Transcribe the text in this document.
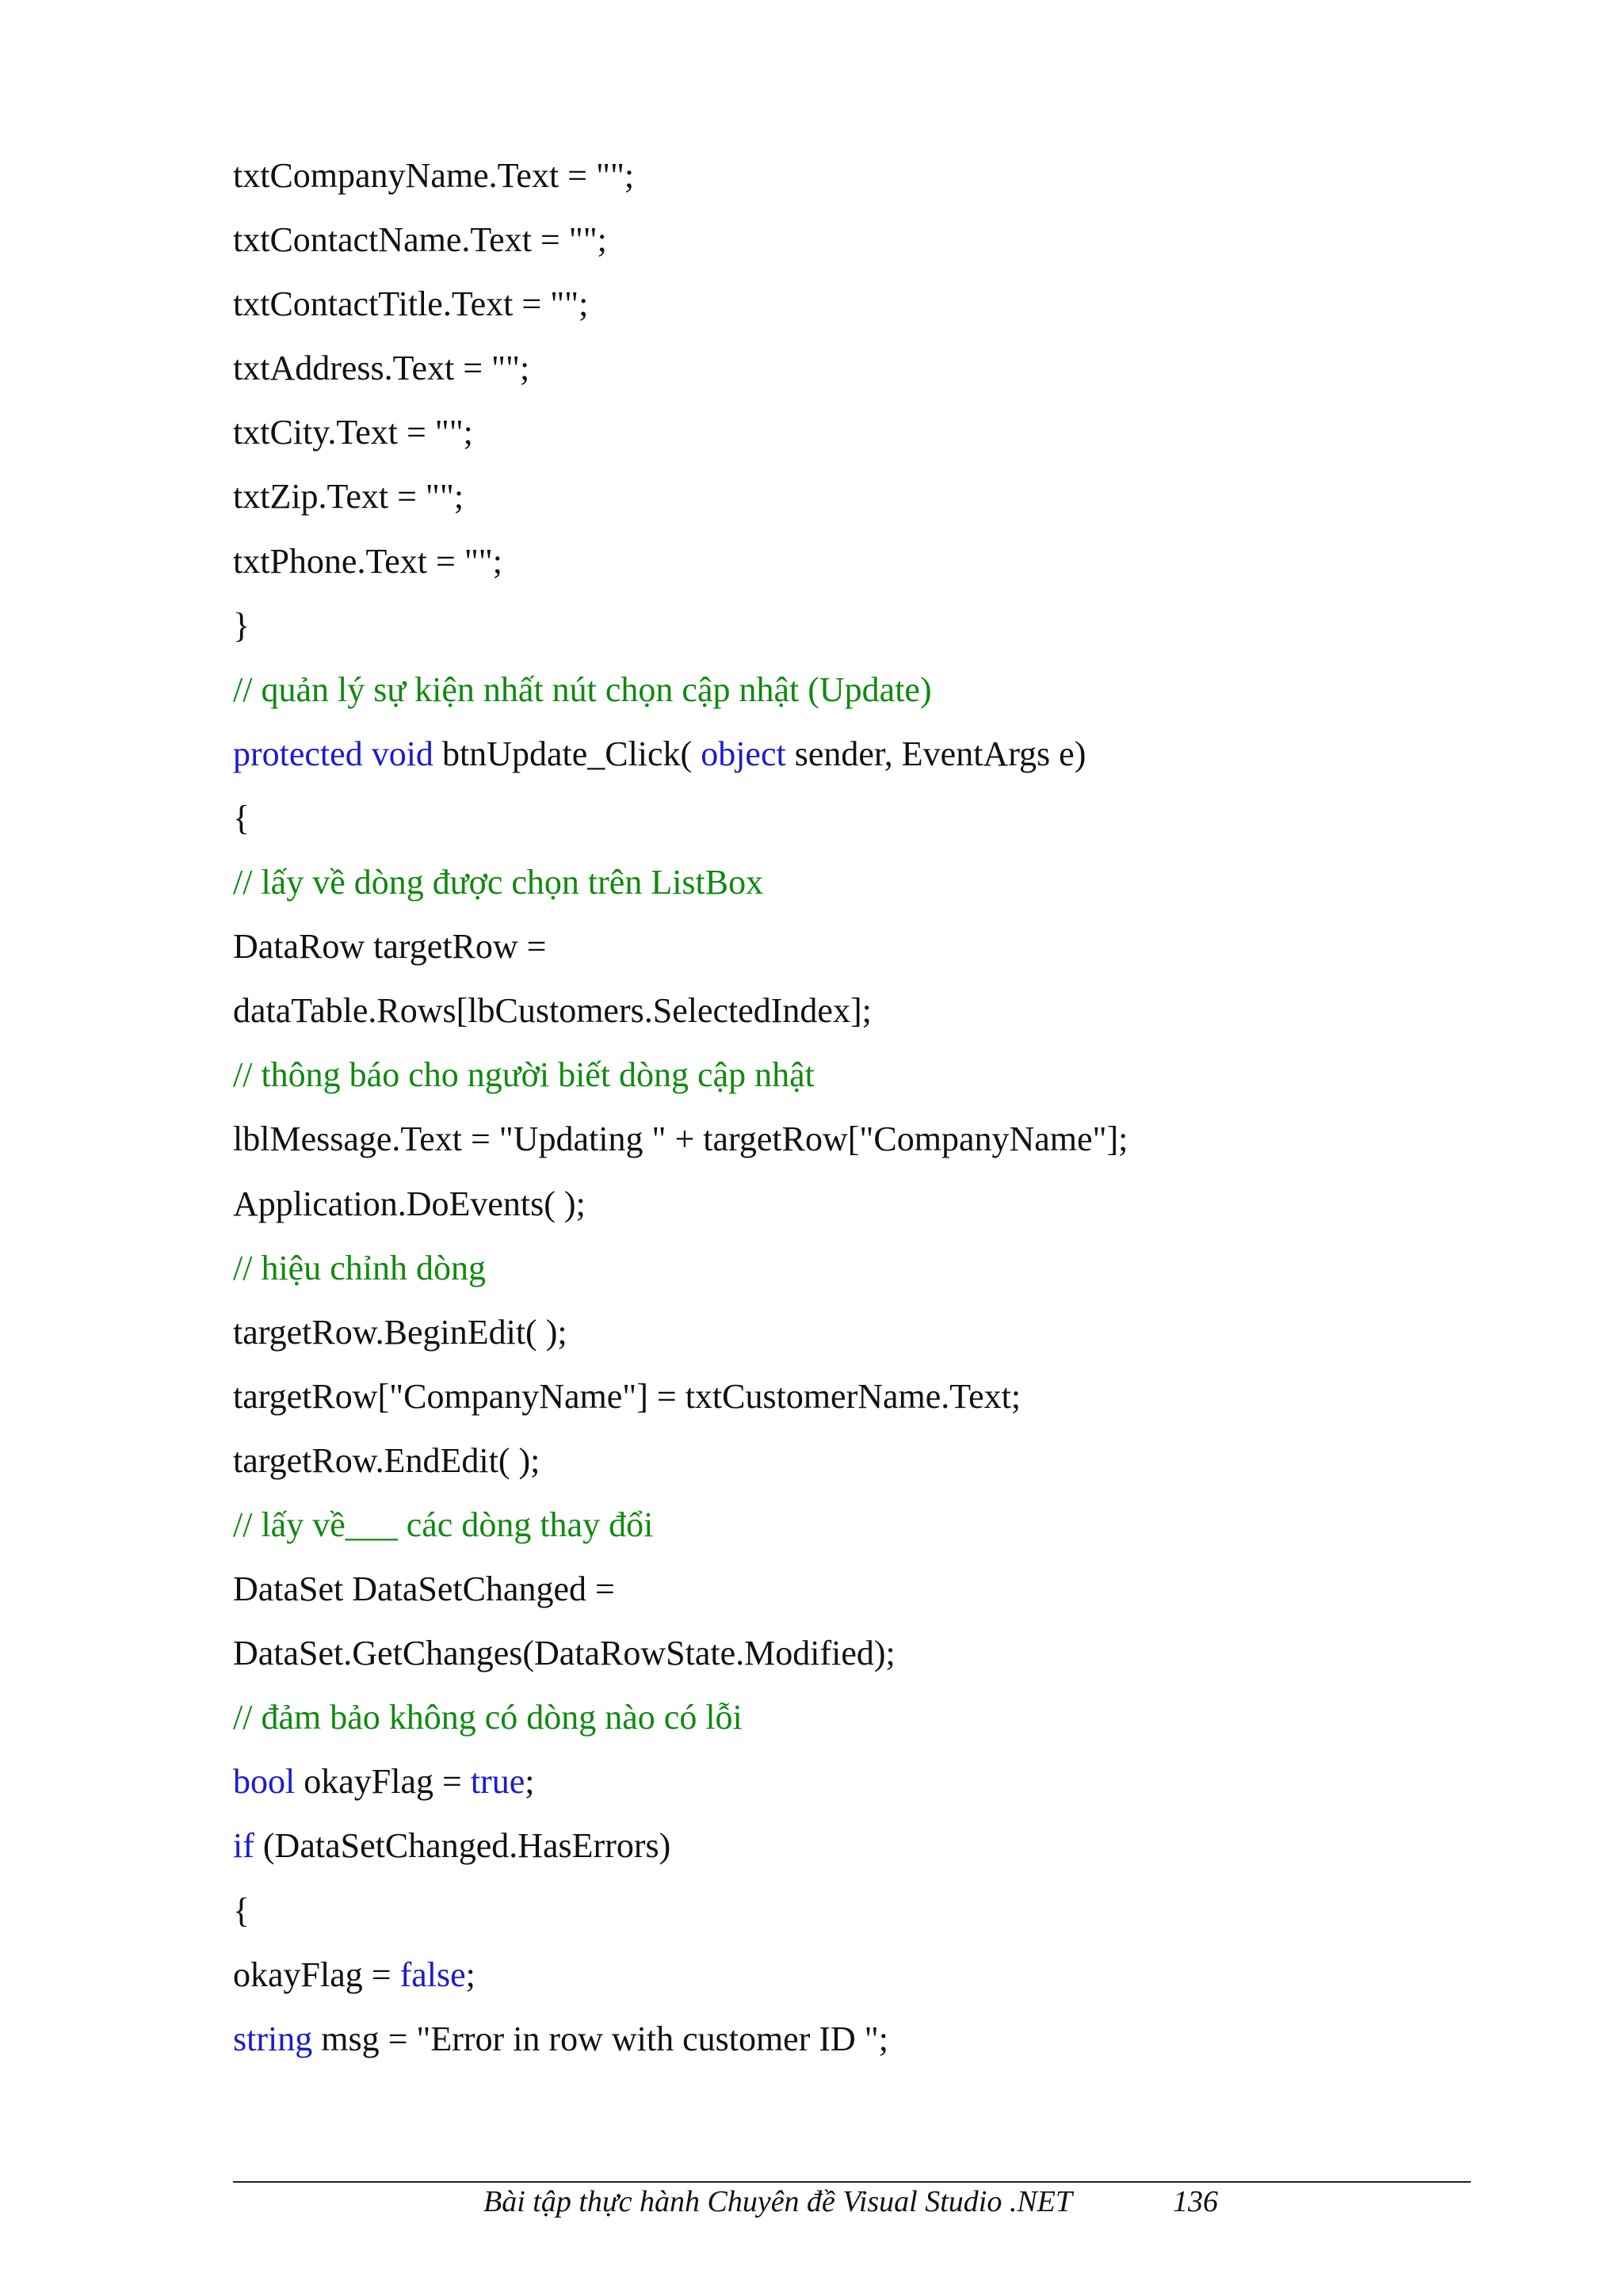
txtCompanyName.Text = "";
txtContactName.Text = "";
txtContactTitle.Text = "";
txtAddress.Text = "";
txtCity.Text = "";
txtZip.Text = "";
txtPhone.Text = "";
}
// quản lý sự kiện nhất nút chọn cập nhật (Update)
protected void btnUpdate_Click( object sender, EventArgs e)
{
// lấy về dòng được chọn trên ListBox
DataRow targetRow =
dataTable.Rows[lbCustomers.SelectedIndex];
// thông báo cho người biết dòng cập nhật
lblMessage.Text = "Updating " + targetRow["CompanyName"];
Application.DoEvents( );
// hiệu chỉnh dòng
targetRow.BeginEdit( );
targetRow["CompanyName"] = txtCustomerName.Text;
targetRow.EndEdit( );
// lấy về___ các dòng thay đổi
DataSet DataSetChanged =
DataSet.GetChanges(DataRowState.Modified);
// đảm bảo không có dòng nào có lỗi
bool okayFlag = true;
if (DataSetChanged.HasErrors)
{
okayFlag = false;
string msg = "Error in row with customer ID ";
Bài tập thực hành Chuyên đề Visual Studio .NET	136
